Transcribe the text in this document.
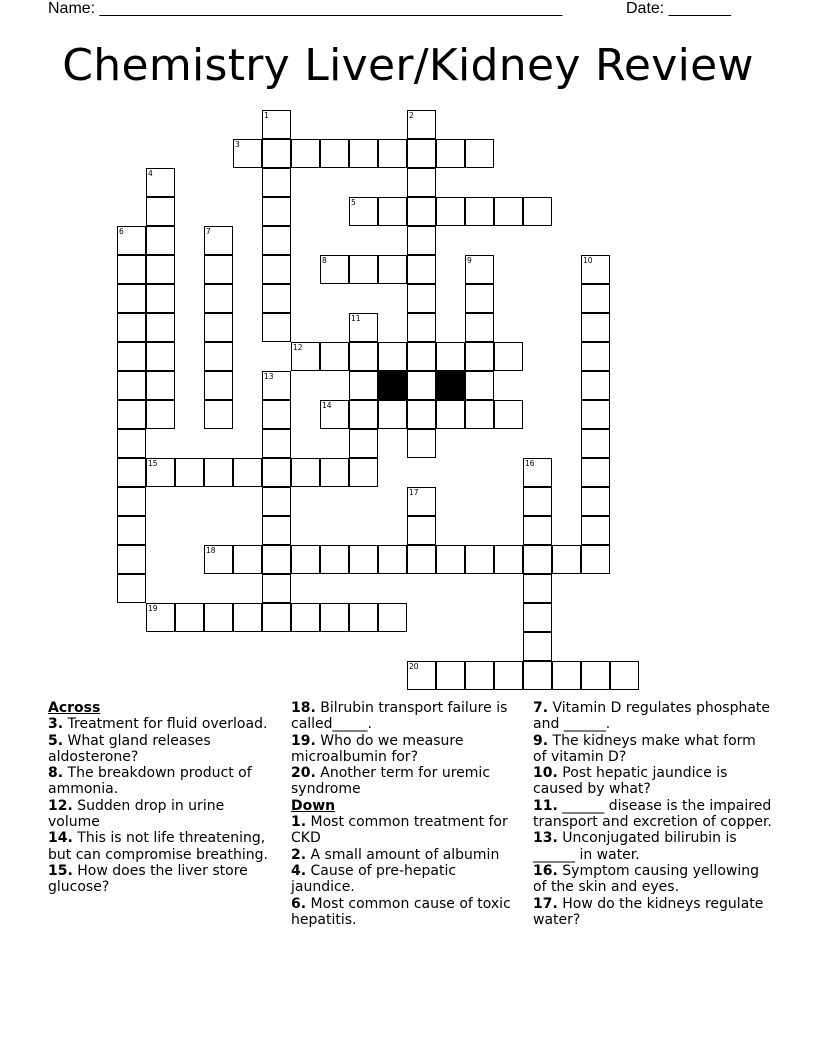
Name: ____________________________________________________	Date: _______
Chemistry Liver/Kidney Review
1	2
3
4
5
6	7
8	9	10
11
12
13
14
15	16
17
18
19
20
Across
3. Treatment for fluid overload.
5. What gland releases aldosterone?
8. The breakdown product of ammonia.
12. Sudden drop in urine volume
14. This is not life threatening, but can compromise breathing.
15. How does the liver store glucose?
18. Bilrubin transport failure is called_____.
19. Who do we measure microalbumin for?
20. Another term for uremic syndrome
Down
1. Most common treatment for CKD
2. A small amount of albumin
4. Cause of pre-hepatic jaundice.
6. Most common cause of toxic hepatitis.
7. Vitamin D regulates phosphate and ______.
9. The kidneys make what form of vitamin D?
10. Post hepatic jaundice is caused by what?
11. ______ disease is the impaired transport and excretion of copper.
13. Unconjugated bilirubin is ______ in water.
16. Symptom causing yellowing of the skin and eyes.
17. How do the kidneys regulate water?
